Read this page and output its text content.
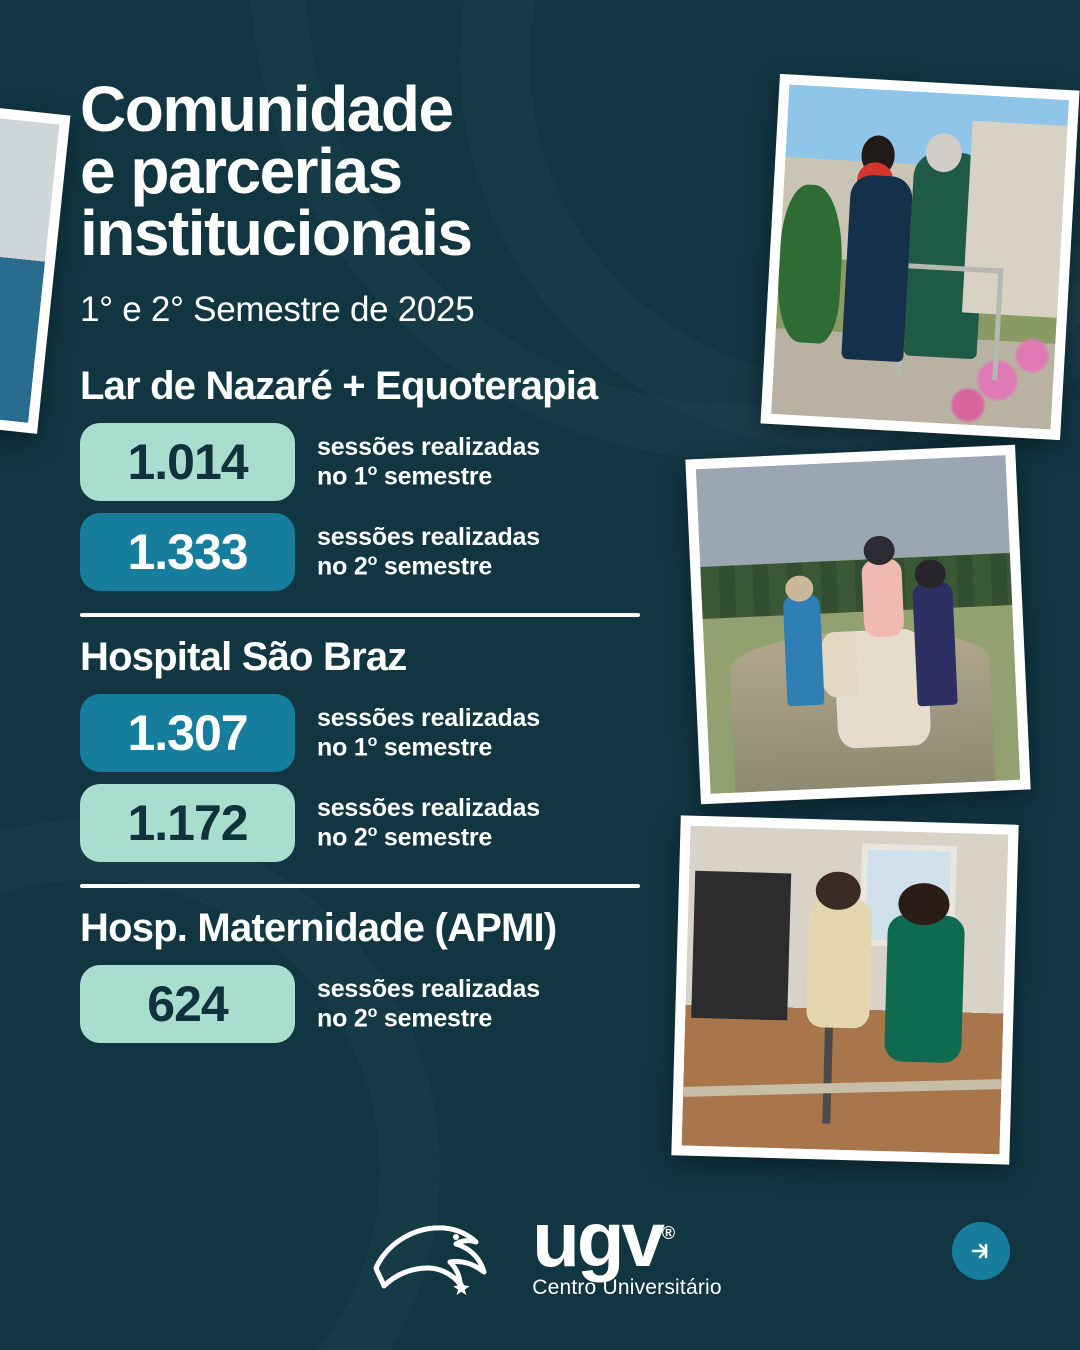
Comunidade
e parcerias
institucionais
1° e 2° Semestre de 2025
Lar de Nazaré + Equoterapia
1.014	sessões realizadas
no 1$^o$ semestre
1.333	sessões realizadas
no 2$^o$ semestre
Hospital São Braz
1.307	sessões realizadas
no 1$^o$ semestre
1.172	sessões realizadas
no 2$^o$ semestre
Hosp. Maternidade (APMI)
624	sessões realizadas
no 2$^o$ semestre
ugv®
Centro Universitário
